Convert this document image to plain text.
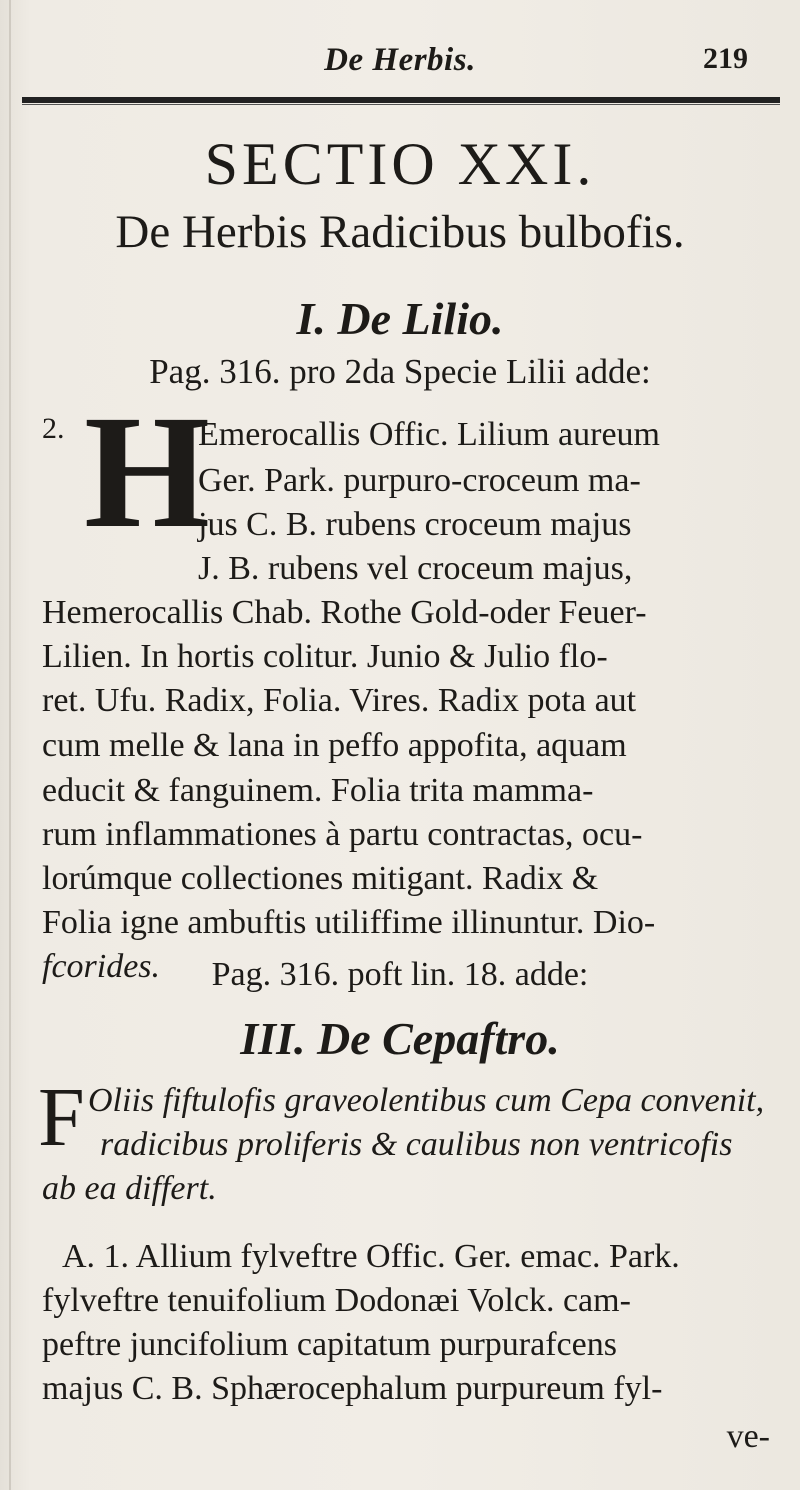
De Herbis.	219
SECTIO XXI.
De Herbis Radicibus bulbofis.
I. De Lilio.
Pag. 316. pro 2da Specie Lilii adde:
2. H
Emerocallis Offic. Lilium aureum
Ger. Park. purpuro-croceum ma-
jus C. B. rubens croceum majus
J. B. rubens vel croceum majus,
Hemerocallis Chab. Rothe Gold-oder Feuer-
Lilien. In hortis colitur. Junio & Julio flo-
ret. Ufu. Radix, Folia. Vires. Radix pota aut
cum melle & lana in peffo appofita, aquam
educit & fanguinem. Folia trita mamma-
rum inflammationes à partu contractas, ocu-
lorúmque collectiones mitigant. Radix &
Folia igne ambuftis utiliffime illinuntur. Dio-
fcorides.	Pag. 316. poft lin. 18. adde:
III. De Cepaftro.
F Oliis fiftulofis graveolentibus cum Cepa convenit,
radicibus proliferis & caulibus non ventricofis
ab ea differt.
A. 1. Allium fylveftre Offic. Ger. emac. Park.
fylveftre tenuifolium Dodonæi Volck. cam-
peftre juncifolium capitatum purpurafcens
majus C. B. Sphærocephalum purpureum fyl-
ve-
